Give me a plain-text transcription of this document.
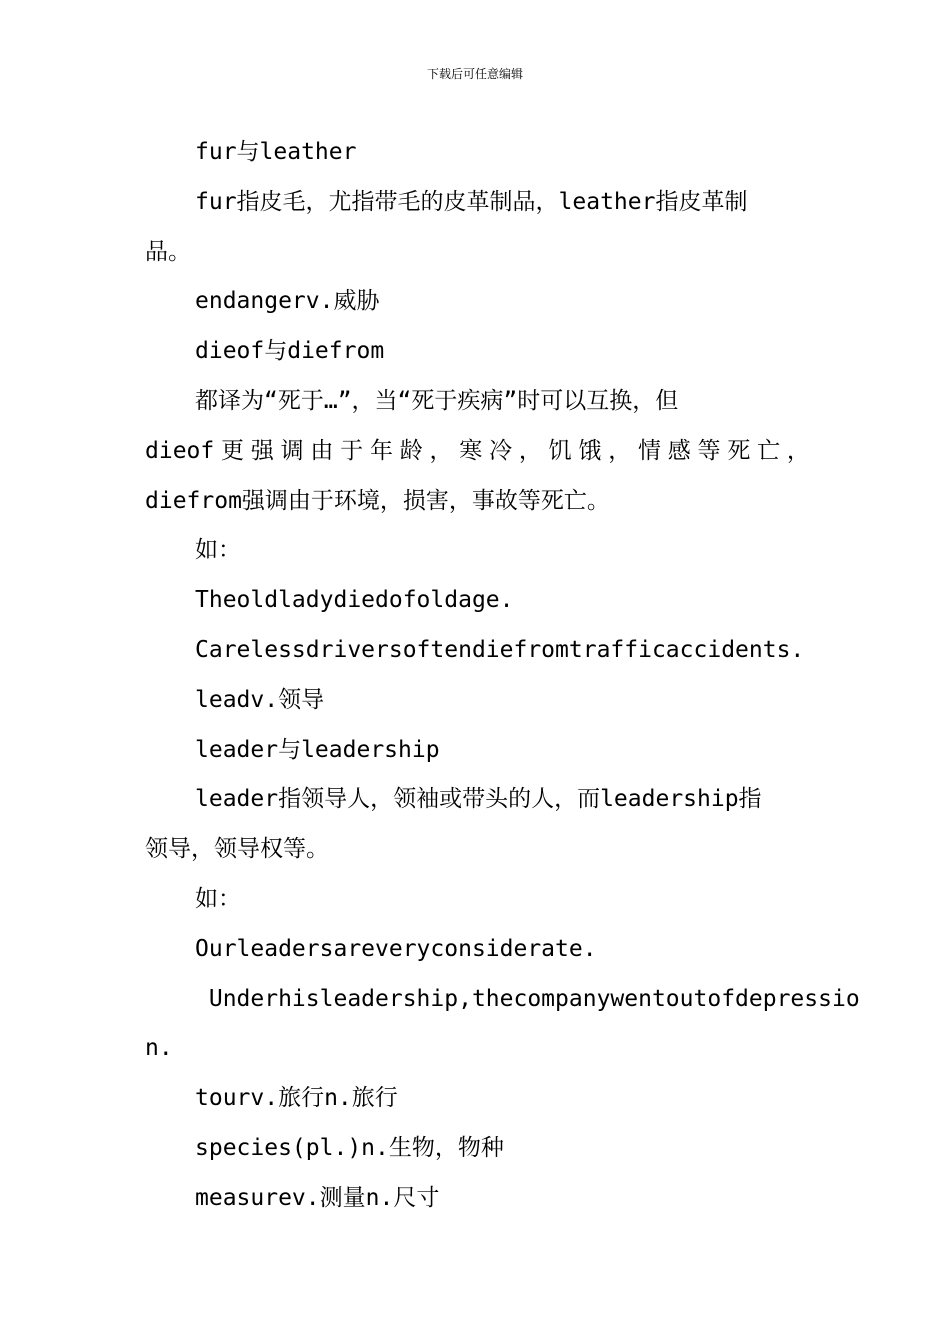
下载后可任意编辑
fur与leather
fur指皮毛，尤指带毛的皮革制品，leather指皮革制
品。
endangerv.威胁
dieof与diefrom
都译为“死于…”，当“死于疾病”时可以互换，但
dieof 更 强 调 由 于 年 龄 ， 寒 冷 ， 饥 饿 ， 情 感 等 死 亡 ，
diefrom强调由于环境，损害，事故等死亡。
如：
Theoldladydiedofoldage.
Carelessdriversoftendiefromtrafficaccidents.
leadv.领导
leader与leadership
leader指领导人，领袖或带头的人，而leadership指
领导，领导权等。
如：
Ourleadersareveryconsiderate.
Underhisleadership,thecompanywentoutofdepressio
n.
tourv.旅行n.旅行
species(pl.)n.生物，物种
measurev.测量n.尺寸
